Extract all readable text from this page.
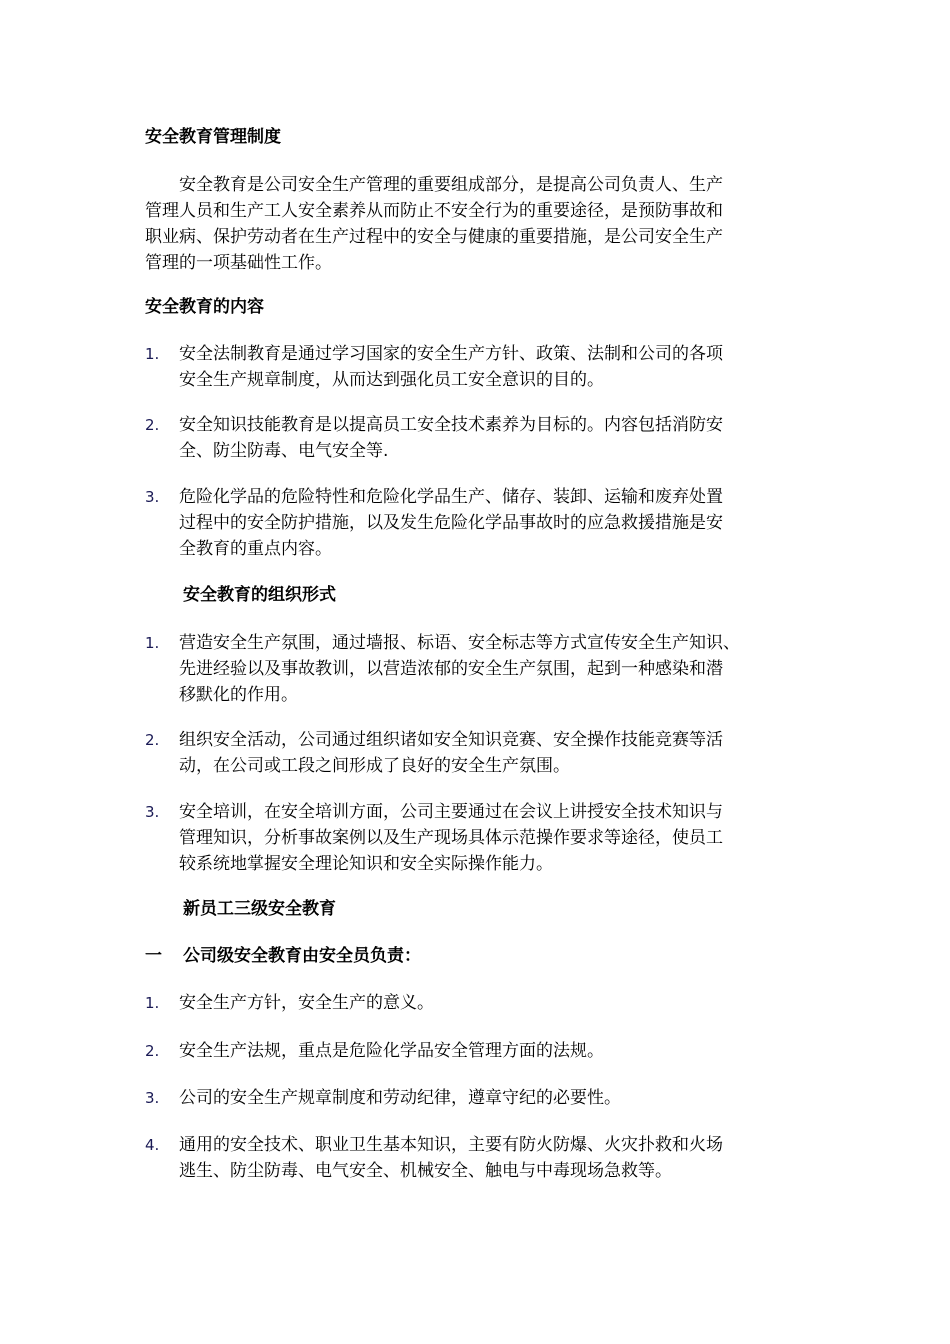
安全教育管理制度
　　安全教育是公司安全生产管理的重要组成部分，是提高公司负责人、生产
管理人员和生产工人安全素养从而防止不安全行为的重要途径，是预防事故和
职业病、保护劳动者在生产过程中的安全与健康的重要措施，是公司安全生产
管理的一项基础性工作。
安全教育的内容
1.	安全法制教育是通过学习国家的安全生产方针、政策、法制和公司的各项
安全生产规章制度，从而达到强化员工安全意识的目的。
2.	安全知识技能教育是以提高员工安全技术素养为目标的。内容包括消防安
全、防尘防毒、电气安全等.
3.	危险化学品的危险特性和危险化学品生产、储存、装卸、运输和废弃处置
过程中的安全防护措施，以及发生危险化学品事故时的应急救援措施是安
全教育的重点内容。
安全教育的组织形式
1.	营造安全生产氛围，通过墙报、标语、安全标志等方式宣传安全生产知识、
先进经验以及事故教训，以营造浓郁的安全生产氛围，起到一种感染和潜
移默化的作用。
2.	组织安全活动，公司通过组织诸如安全知识竞赛、安全操作技能竞赛等活
动，在公司或工段之间形成了良好的安全生产氛围。
3.	安全培训，在安全培训方面，公司主要通过在会议上讲授安全技术知识与
管理知识，分析事故案例以及生产现场具体示范操作要求等途径，使员工
较系统地掌握安全理论知识和安全实际操作能力。
新员工三级安全教育
一 公司级安全教育由安全员负责：
1.	安全生产方针，安全生产的意义。
2.	安全生产法规，重点是危险化学品安全管理方面的法规。
3.	公司的安全生产规章制度和劳动纪律，遵章守纪的必要性。
4.	通用的安全技术、职业卫生基本知识，主要有防火防爆、火灾扑救和火场
逃生、防尘防毒、电气安全、机械安全、触电与中毒现场急救等。
